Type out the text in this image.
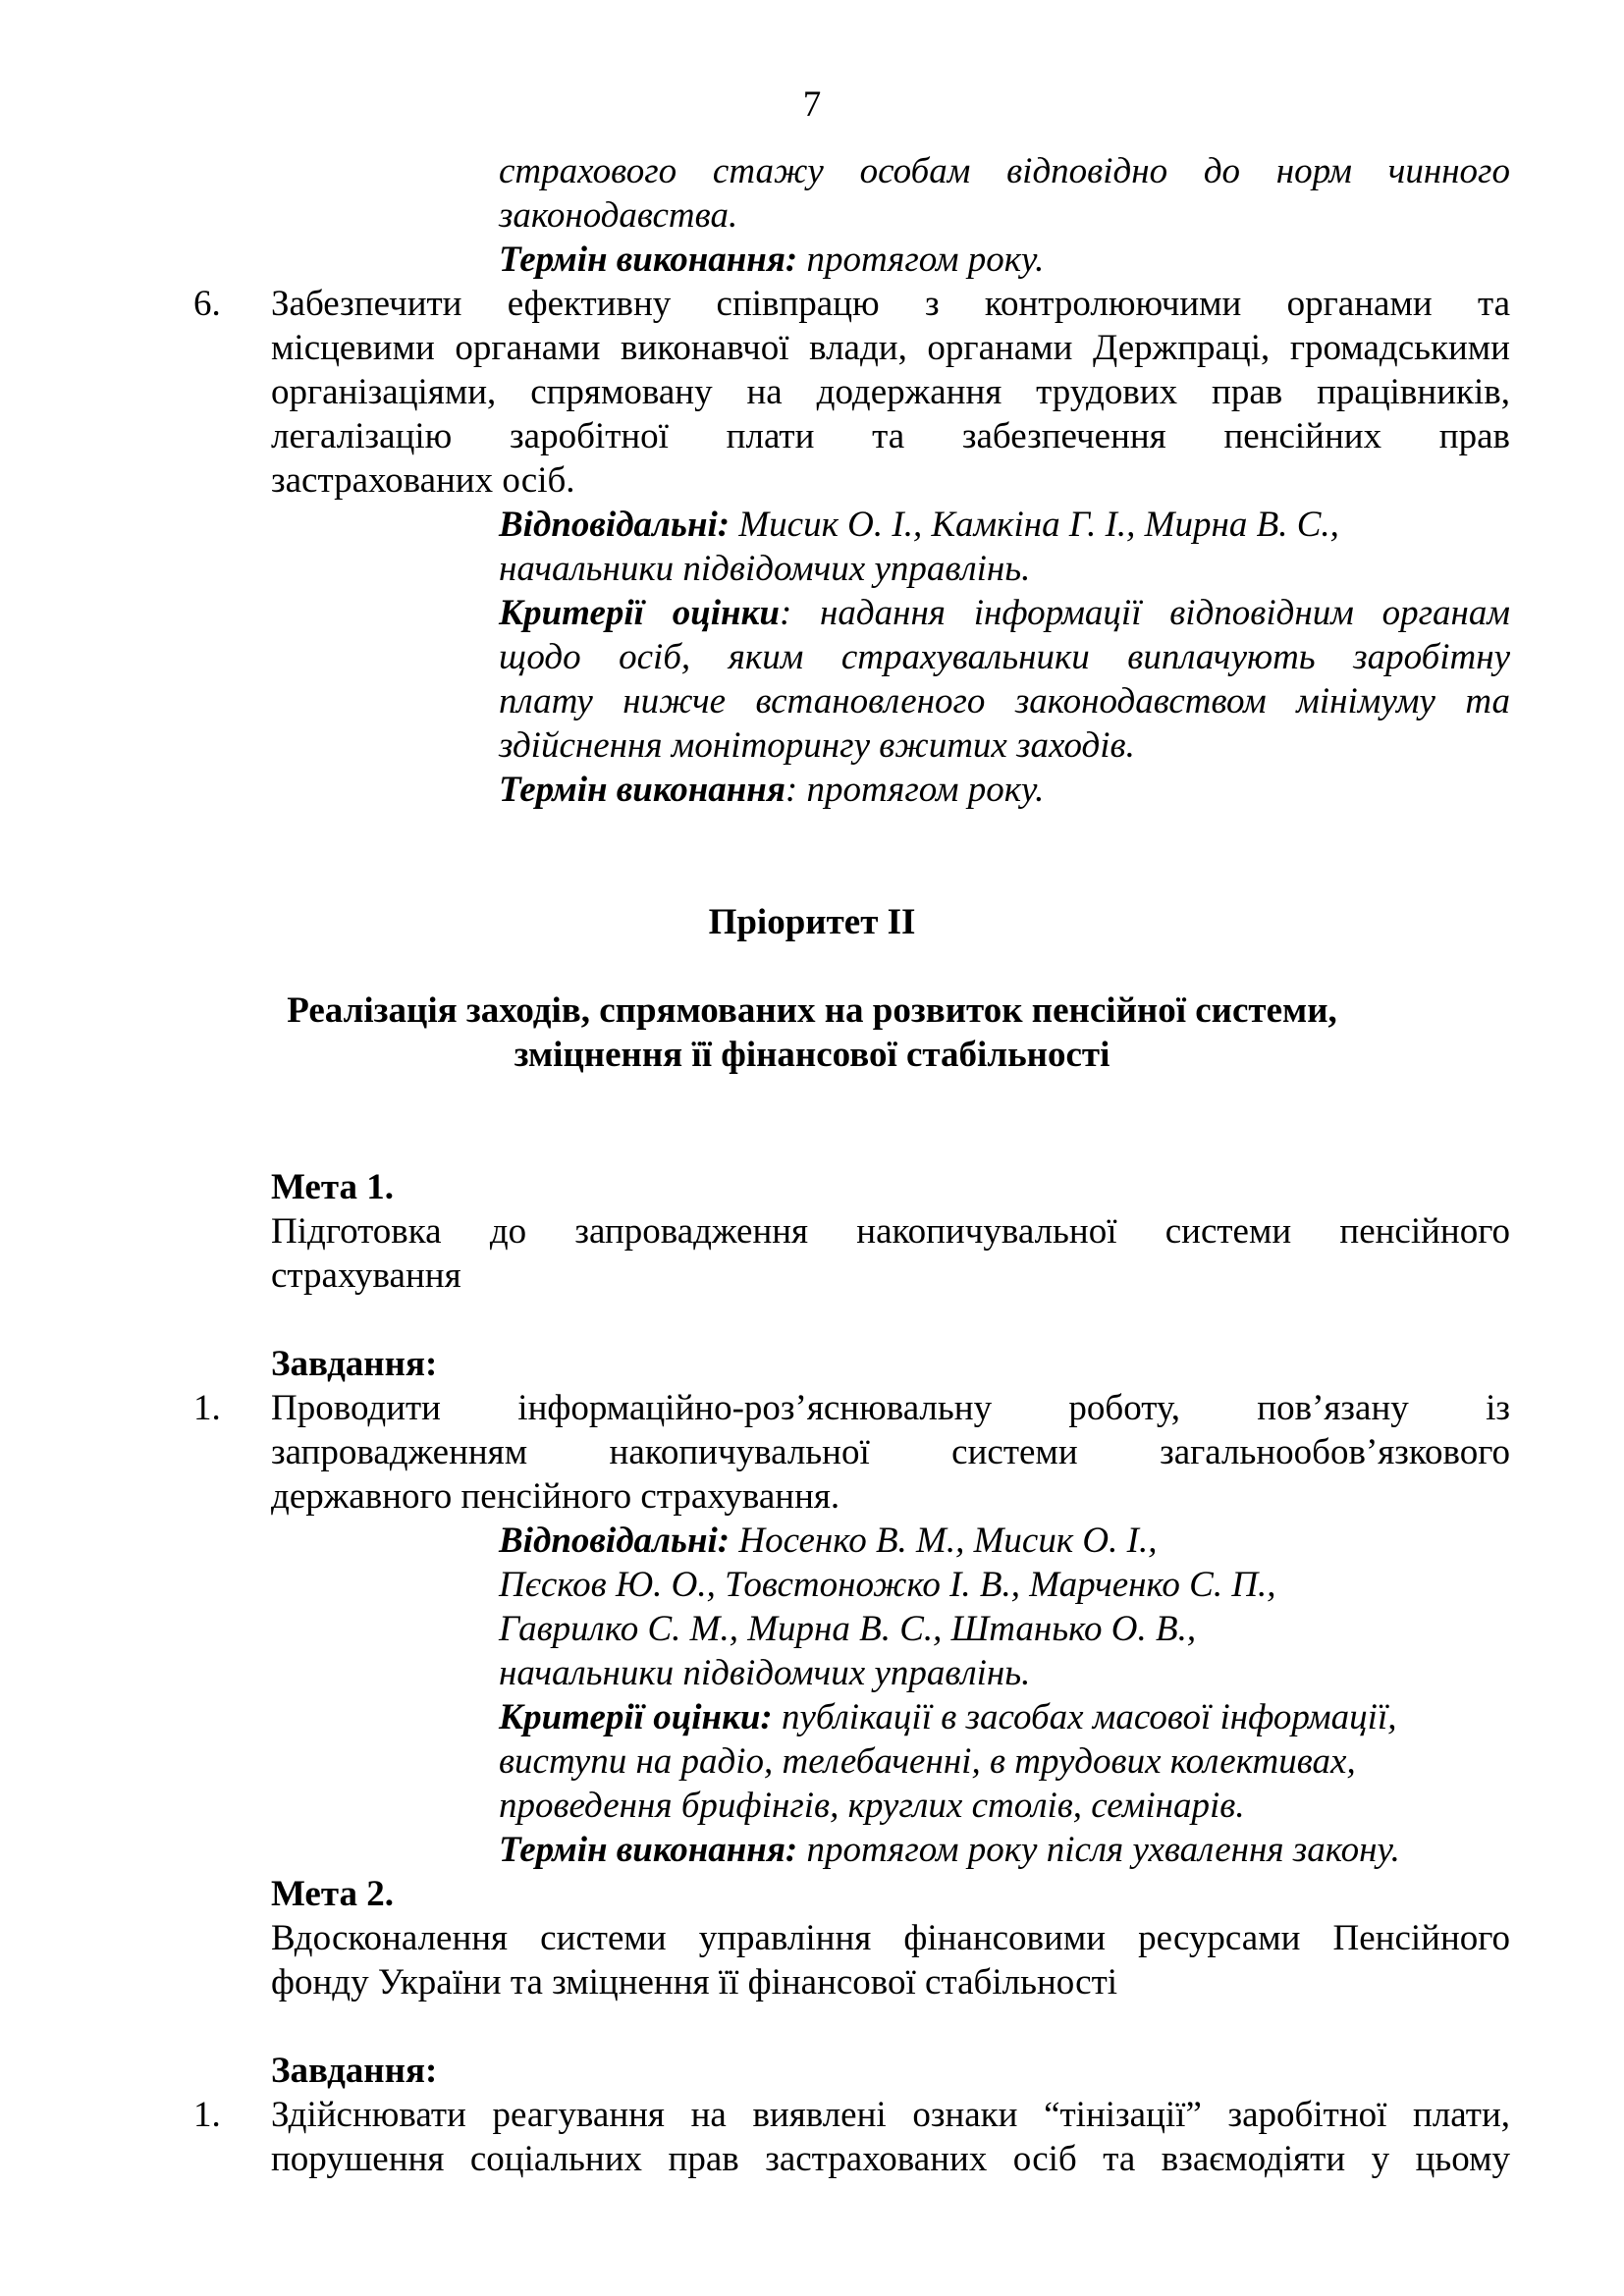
7
страхового стажу особам відповідно до норм чинного
законодавства.
Термін виконання: протягом року.
6. Забезпечити ефективну співпрацю з контролюючими органами та
місцевими органами виконавчої влади, органами Держпраці, громадськими
організаціями, спрямовану на додержання трудових прав працівників,
легалізацію заробітної плати та забезпечення пенсійних прав
застрахованих осіб.
Відповідальні: Мисик О. І., Камкіна Г. І., Мирна В. С.,
начальники підвідомчих управлінь.
Критерії оцінки: надання інформації відповідним органам
щодо осіб, яким страхувальники виплачують заробітну
плату нижче встановленого законодавством мінімуму та
здійснення моніторингу вжитих заходів.
Термін виконання: протягом року.
Пріоритет ІІ
Реалізація заходів, спрямованих на розвиток пенсійної системи,
зміцнення її фінансової стабільності
Мета 1.
Підготовка до запровадження накопичувальної системи пенсійного
страхування
Завдання:
1. Проводити інформаційно-роз’яснювальну роботу, пов’язану із
запровадженням накопичувальної системи загальнообов’язкового
державного пенсійного страхування.
Відповідальні: Носенко В. М., Мисик О. І.,
Пєсков Ю. О., Товстоножко І. В., Марченко С. П.,
Гаврилко С. М., Мирна В. С., Штанько О. В.,
начальники підвідомчих управлінь.
Критерії оцінки: публікації в засобах масової інформації,
виступи на радіо, телебаченні, в трудових колективах,
проведення брифінгів, круглих столів, семінарів.
Термін виконання: протягом року після ухвалення закону.
Мета 2.
Вдосконалення системи управління фінансовими ресурсами Пенсійного
фонду України та зміцнення її фінансової стабільності
Завдання:
1. Здійснювати реагування на виявлені ознаки “тінізації” заробітної плати,
порушення соціальних прав застрахованих осіб та взаємодіяти у цьому
